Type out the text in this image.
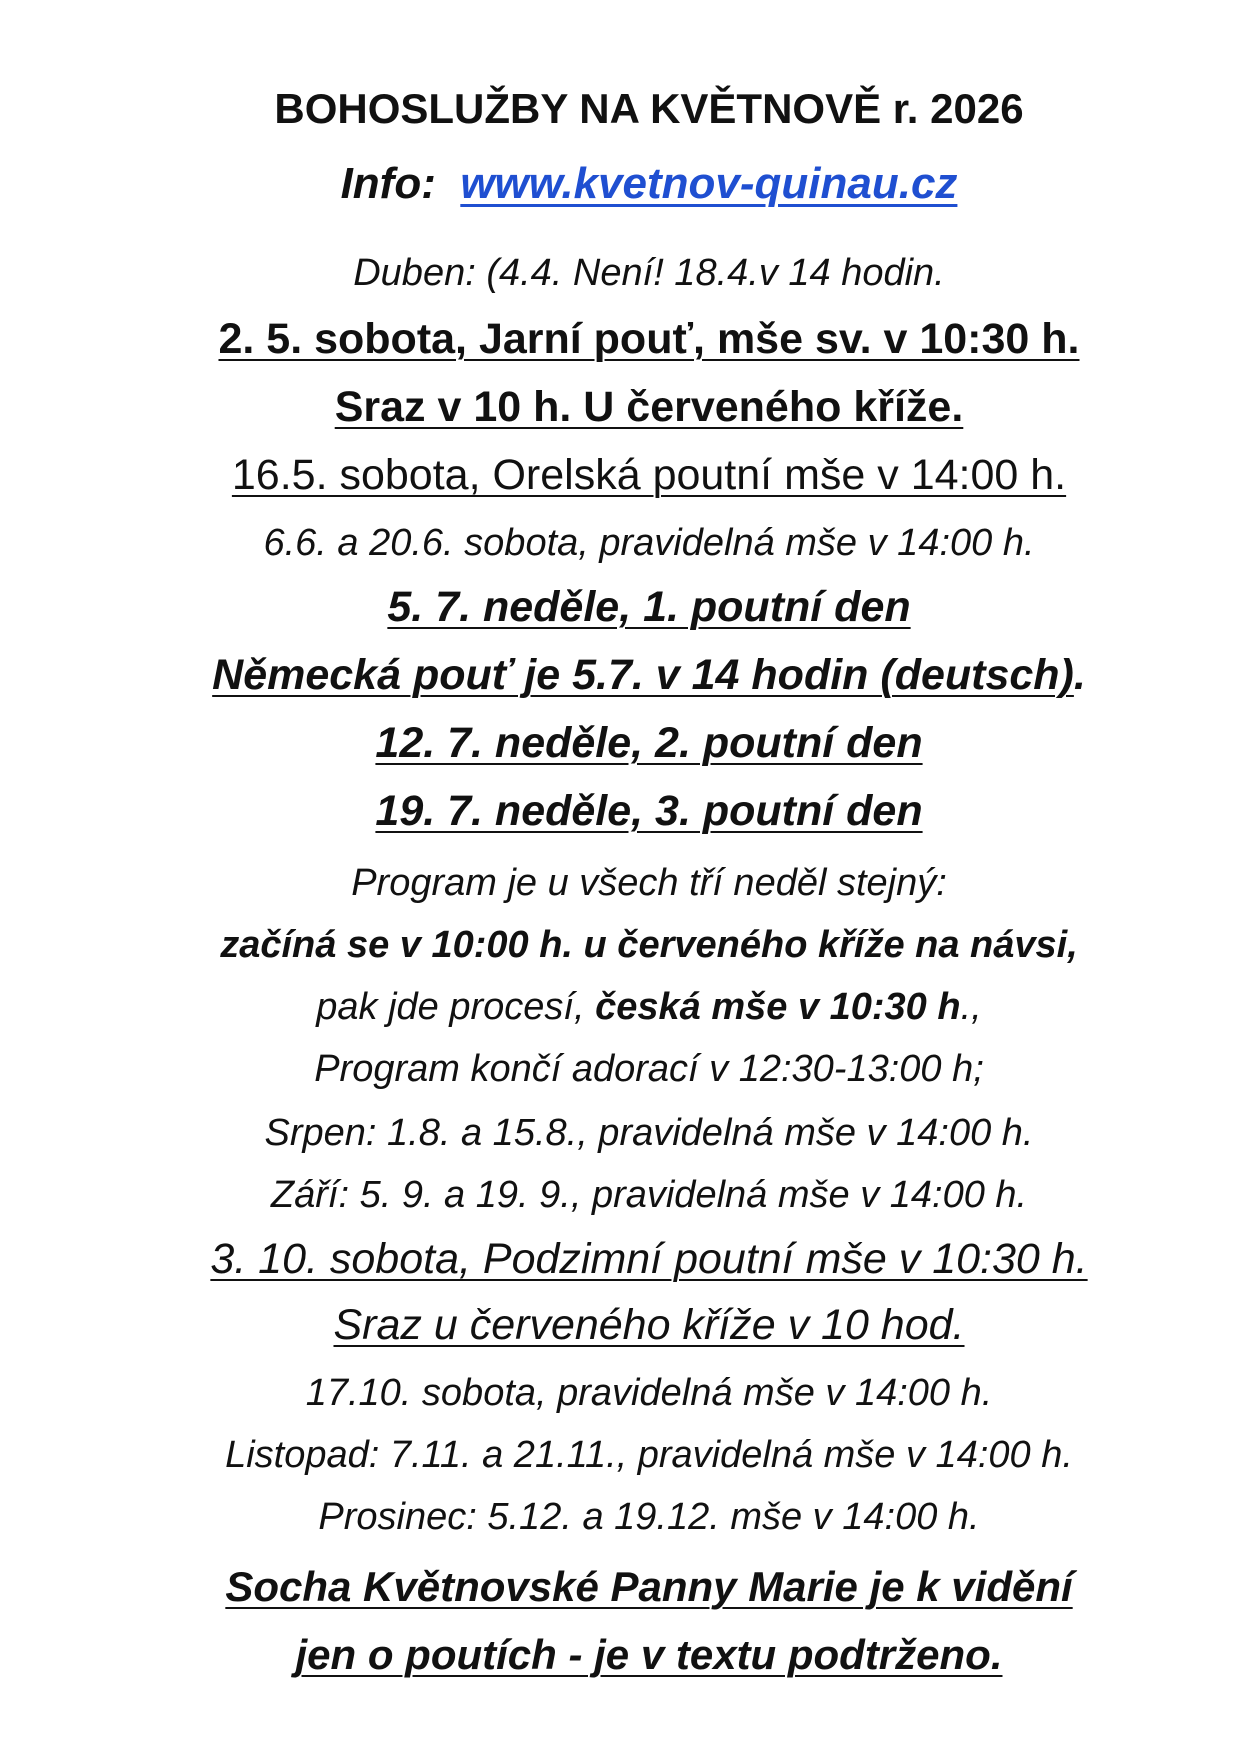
BOHOSLUŽBY NA KVĚTNOVĚ r. 2026
Info: www.kvetnov-quinau.cz
Duben: (4.4. Není! 18.4.v 14 hodin.
2. 5. sobota, Jarní pouť, mše sv. v 10:30 h.
Sraz v 10 h. U červeného kříže.
16.5. sobota, Orelská poutní mše v 14:00 h.
6.6. a 20.6. sobota, pravidelná mše v 14:00 h.
5. 7. neděle, 1. poutní den
Německá pouť je 5.7. v 14 hodin (deutsch).
12. 7. neděle, 2. poutní den
19. 7. neděle, 3. poutní den
Program je u všech tří neděl stejný:
začíná se v 10:00 h. u červeného kříže na návsi,
pak jde procesí, česká mše v 10:30 h.,
Program končí adorací v 12:30-13:00 h;
Srpen: 1.8. a 15.8., pravidelná mše v 14:00 h.
Září: 5. 9. a 19. 9., pravidelná mše v 14:00 h.
3. 10. sobota, Podzimní poutní mše v 10:30 h.
Sraz u červeného kříže v 10 hod.
17.10. sobota, pravidelná mše v 14:00 h.
Listopad: 7.11. a 21.11., pravidelná mše v 14:00 h.
Prosinec: 5.12. a 19.12. mše v 14:00 h.
Socha Květnovské Panny Marie je k vidění
jen o poutích - je v textu podtrženo.
